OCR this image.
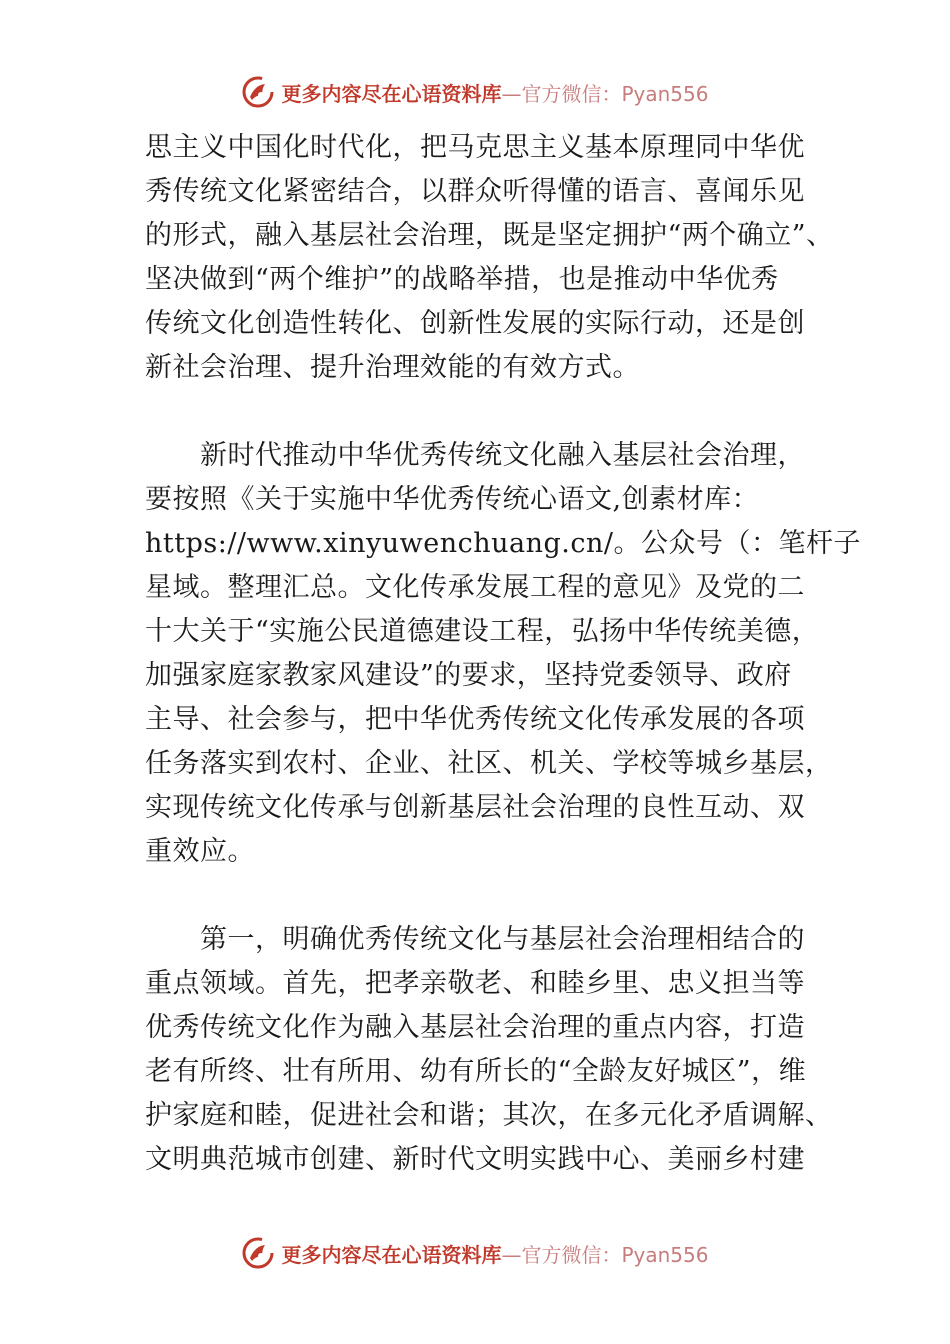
更多内容尽在心语资料库—官方微信：Pyan556

思主义中国化时代化，把马克思主义基本原理同中华优
秀传统文化紧密结合，以群众听得懂的语言、喜闻乐见
的形式，融入基层社会治理，既是坚定拥护“两个确立”、
坚决做到“两个维护”的战略举措，也是推动中华优秀
传统文化创造性转化、创新性发展的实际行动，还是创
新社会治理、提升治理效能的有效方式。

　　新时代推动中华优秀传统文化融入基层社会治理，
要按照《关于实施中华优秀传统心语文,创素材库：
https://www.xinyuwenchuang.cn/。公众号（：笔杆子
星域。整理汇总。文化传承发展工程的意见》及党的二
十大关于“实施公民道德建设工程，弘扬中华传统美德，
加强家庭家教家风建设”的要求，坚持党委领导、政府
主导、社会参与，把中华优秀传统文化传承发展的各项
任务落实到农村、企业、社区、机关、学校等城乡基层，
实现传统文化传承与创新基层社会治理的良性互动、双
重效应。

　　第一，明确优秀传统文化与基层社会治理相结合的
重点领域。首先，把孝亲敬老、和睦乡里、忠义担当等
优秀传统文化作为融入基层社会治理的重点内容，打造
老有所终、壮有所用、幼有所长的“全龄友好城区”，维
护家庭和睦，促进社会和谐；其次，在多元化矛盾调解、
文明典范城市创建、新时代文明实践中心、美丽乡村建

更多内容尽在心语资料库—官方微信：Pyan556
